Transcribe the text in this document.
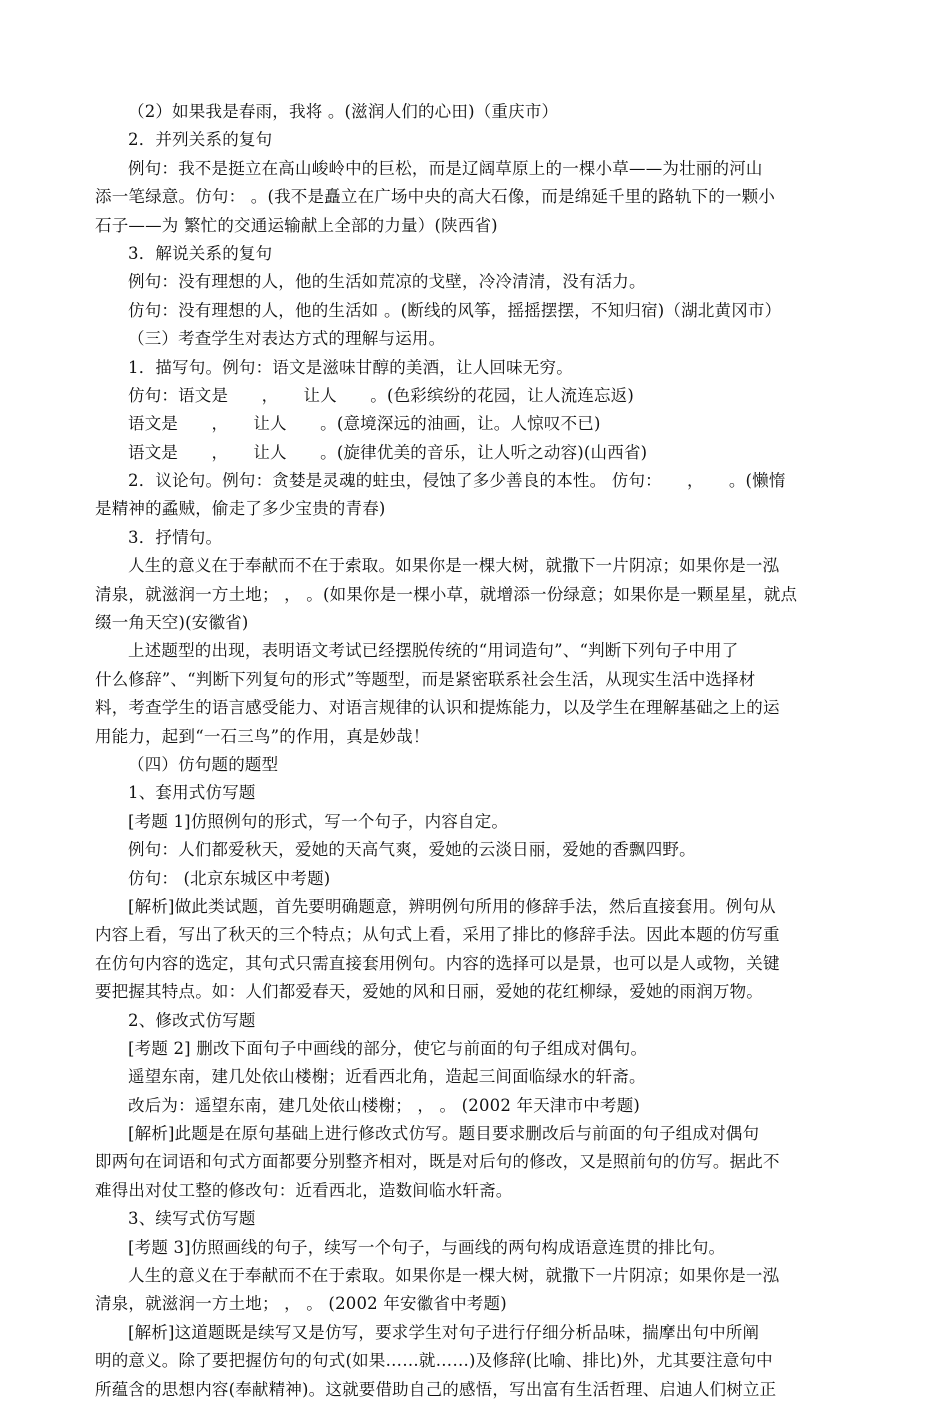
（2）如果我是春雨，我将 。(滋润人们的心田)（重庆市）
2．并列关系的复句
例句：我不是挺立在高山峻岭中的巨松，而是辽阔草原上的一棵小草——为壮丽的河山
添一笔绿意。仿句： 。(我不是矗立在广场中央的高大石像，而是绵延千里的路轨下的一颗小
石子——为 繁忙的交通运输献上全部的力量）(陕西省)
3．解说关系的复句
例句：没有理想的人，他的生活如荒凉的戈壁，冷冷清清，没有活力。
仿句：没有理想的人，他的生活如 。(断线的风筝，摇摇摆摆，不知归宿)（湖北黄冈市）
（三）考查学生对表达方式的理解与运用。
1．描写句。例句：语文是滋味甘醇的美酒，让人回味无穷。
仿句：语文是　　，　　让人　　。(色彩缤纷的花园，让人流连忘返)
语文是　　，　　让人　　。(意境深远的油画，让。人惊叹不已)
语文是　　，　　让人　　。(旋律优美的音乐，让人听之动容)(山西省)
2．议论句。例句：贪婪是灵魂的蛀虫，侵蚀了多少善良的本性。 仿句：　　，　　。(懒惰
是精神的蟊贼，偷走了多少宝贵的青春)
3．抒情句。
人生的意义在于奉献而不在于索取。如果你是一棵大树，就撒下一片阴凉；如果你是一泓
清泉，就滋润一方土地； ， 。(如果你是一棵小草，就增添一份绿意；如果你是一颗星星，就点
缀一角天空)(安徽省)
上述题型的出现，表明语文考试已经摆脱传统的“用词造句”、“判断下列句子中用了
什么修辞”、“判断下列复句的形式”等题型，而是紧密联系社会生活，从现实生活中选择材
料，考查学生的语言感受能力、对语言规律的认识和提炼能力，以及学生在理解基础之上的运
用能力，起到“一石三鸟”的作用，真是妙哉！
（四）仿句题的题型
1、套用式仿写题
[考题 1]仿照例句的形式，写一个句子，内容自定。
例句：人们都爱秋天，爱她的天高气爽，爱她的云淡日丽，爱她的香飘四野。
仿句： (北京东城区中考题)
[解析]做此类试题，首先要明确题意，辨明例句所用的修辞手法，然后直接套用。例句从
内容上看，写出了秋天的三个特点；从句式上看，采用了排比的修辞手法。因此本题的仿写重
在仿句内容的选定，其句式只需直接套用例句。内容的选择可以是景，也可以是人或物，关键
要把握其特点。如：人们都爱春天，爱她的风和日丽，爱她的花红柳绿，爱她的雨润万物。
2、修改式仿写题
[考题 2] 删改下面句子中画线的部分，使它与前面的句子组成对偶句。
遥望东南，建几处依山楼榭；近看西北角，造起三间面临绿水的轩斋。
改后为：遥望东南，建几处依山楼榭； ， 。 (2002 年天津市中考题)
[解析]此题是在原句基础上进行修改式仿写。题目要求删改后与前面的句子组成对偶句
即两句在词语和句式方面都要分别整齐相对，既是对后句的修改，又是照前句的仿写。据此不
难得出对仗工整的修改句：近看西北，造数间临水轩斋。
3、续写式仿写题
[考题 3]仿照画线的句子，续写一个句子，与画线的两句构成语意连贯的排比句。
人生的意义在于奉献而不在于索取。如果你是一棵大树，就撒下一片阴凉；如果你是一泓
清泉，就滋润一方土地； ， 。 (2002 年安徽省中考题)
[解析]这道题既是续写又是仿写，要求学生对句子进行仔细分析品味，揣摩出句中所阐
明的意义。除了要把握仿句的句式(如果……就……)及修辞(比喻、排比)外，尤其要注意句中
所蕴含的思想内容(奉献精神)。这就要借助自己的感悟，写出富有生活哲理、启迪人们树立正
